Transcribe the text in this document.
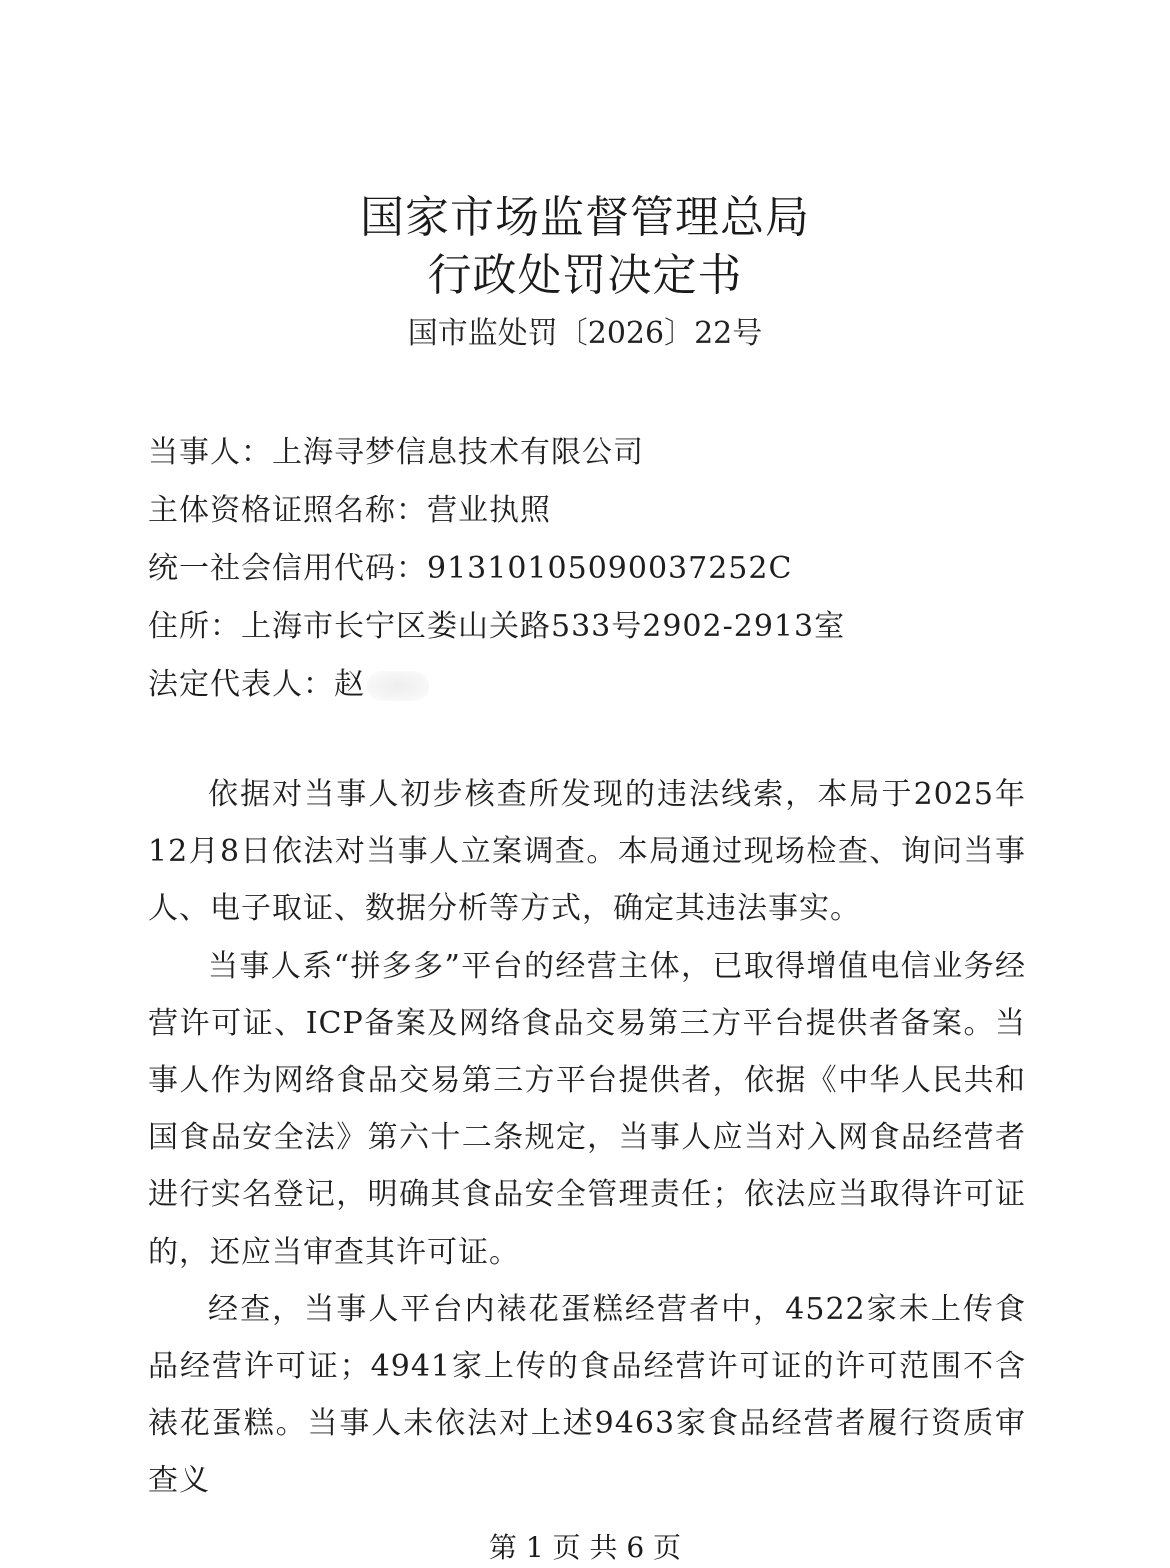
国家市场监督管理总局
行政处罚决定书
国市监处罚〔2026〕22号
当事人：上海寻梦信息技术有限公司
主体资格证照名称：营业执照
统一社会信用代码：91310105090037252C
住所：上海市长宁区娄山关路533号2902-2913室
法定代表人：赵

依据对当事人初步核查所发现的违法线索，本局于2025年12月8日依法对当事人立案调查。本局通过现场检查、询问当事人、电子取证、数据分析等方式，确定其违法事实。

当事人系“拼多多”平台的经营主体，已取得增值电信业务经营许可证、ICP备案及网络食品交易第三方平台提供者备案。当事人作为网络食品交易第三方平台提供者，依据《中华人民共和国食品安全法》第六十二条规定，当事人应当对入网食品经营者进行实名登记，明确其食品安全管理责任；依法应当取得许可证的，还应当审查其许可证。

经查，当事人平台内裱花蛋糕经营者中，4522家未上传食品经营许可证；4941家上传的食品经营许可证的许可范围不含裱花蛋糕。当事人未依法对上述9463家食品经营者履行资质审查义

第 1 页 共 6 页
